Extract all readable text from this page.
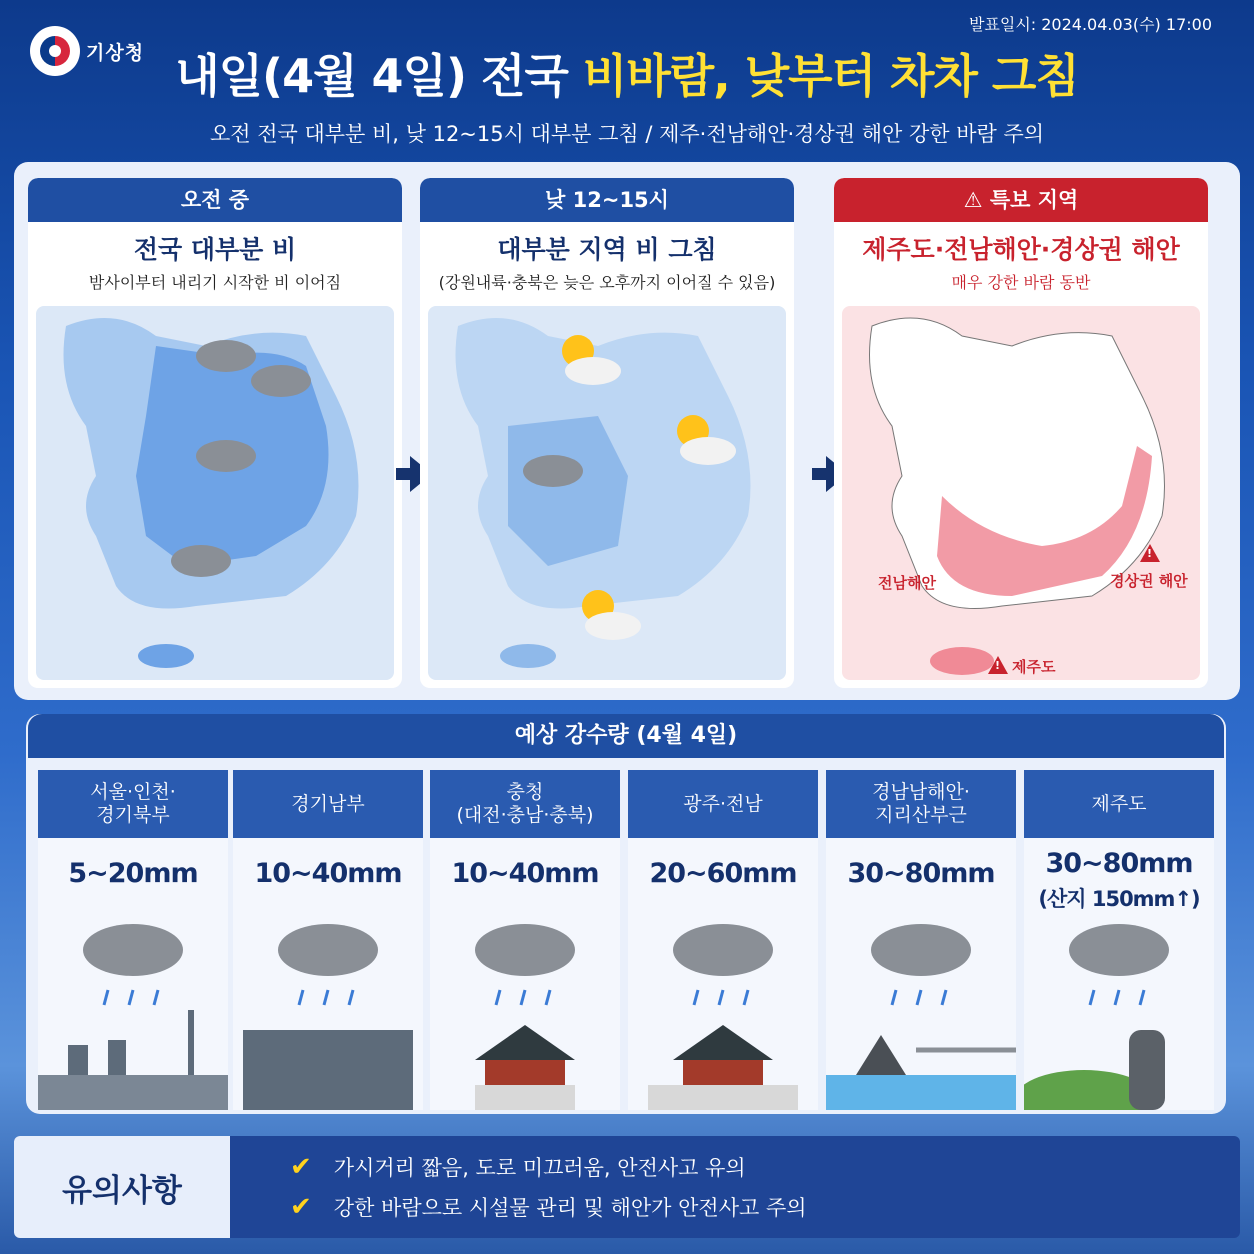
기상청
발표일시: 2024.04.03(수) 17:00
내일(4월 4일) 전국 비바람, 낮부터 차차 그침
오전 전국 대부분 비, 낮 12~15시 대부분 그침 / 제주·전남해안·경상권 해안 강한 바람 주의
오전 중
전국 대부분 비
밤사이부터 내리기 시작한 비 이어짐
낮 12~15시
대부분 지역 비 그침
(강원내륙·충북은 늦은 오후까지 이어질 수 있음)
⚠ 특보 지역
제주도·전남해안·경상권 해안
매우 강한 바람 동반
전남해안	경상권 해안
제주도
!
!
예상 강수량 (4월 4일)
서울·인천·
경기북부
5~20mm
경기남부
10~40mm
충청
(대전·충남·충북)
10~40mm
광주·전남
20~60mm
경남남해안·
지리산부근
30~80mm
제주도
30~80mm
(산지 150mm↑)
유의사항
✔ 가시거리 짧음, 도로 미끄러움, 안전사고 유의
✔ 강한 바람으로 시설물 관리 및 해안가 안전사고 주의
